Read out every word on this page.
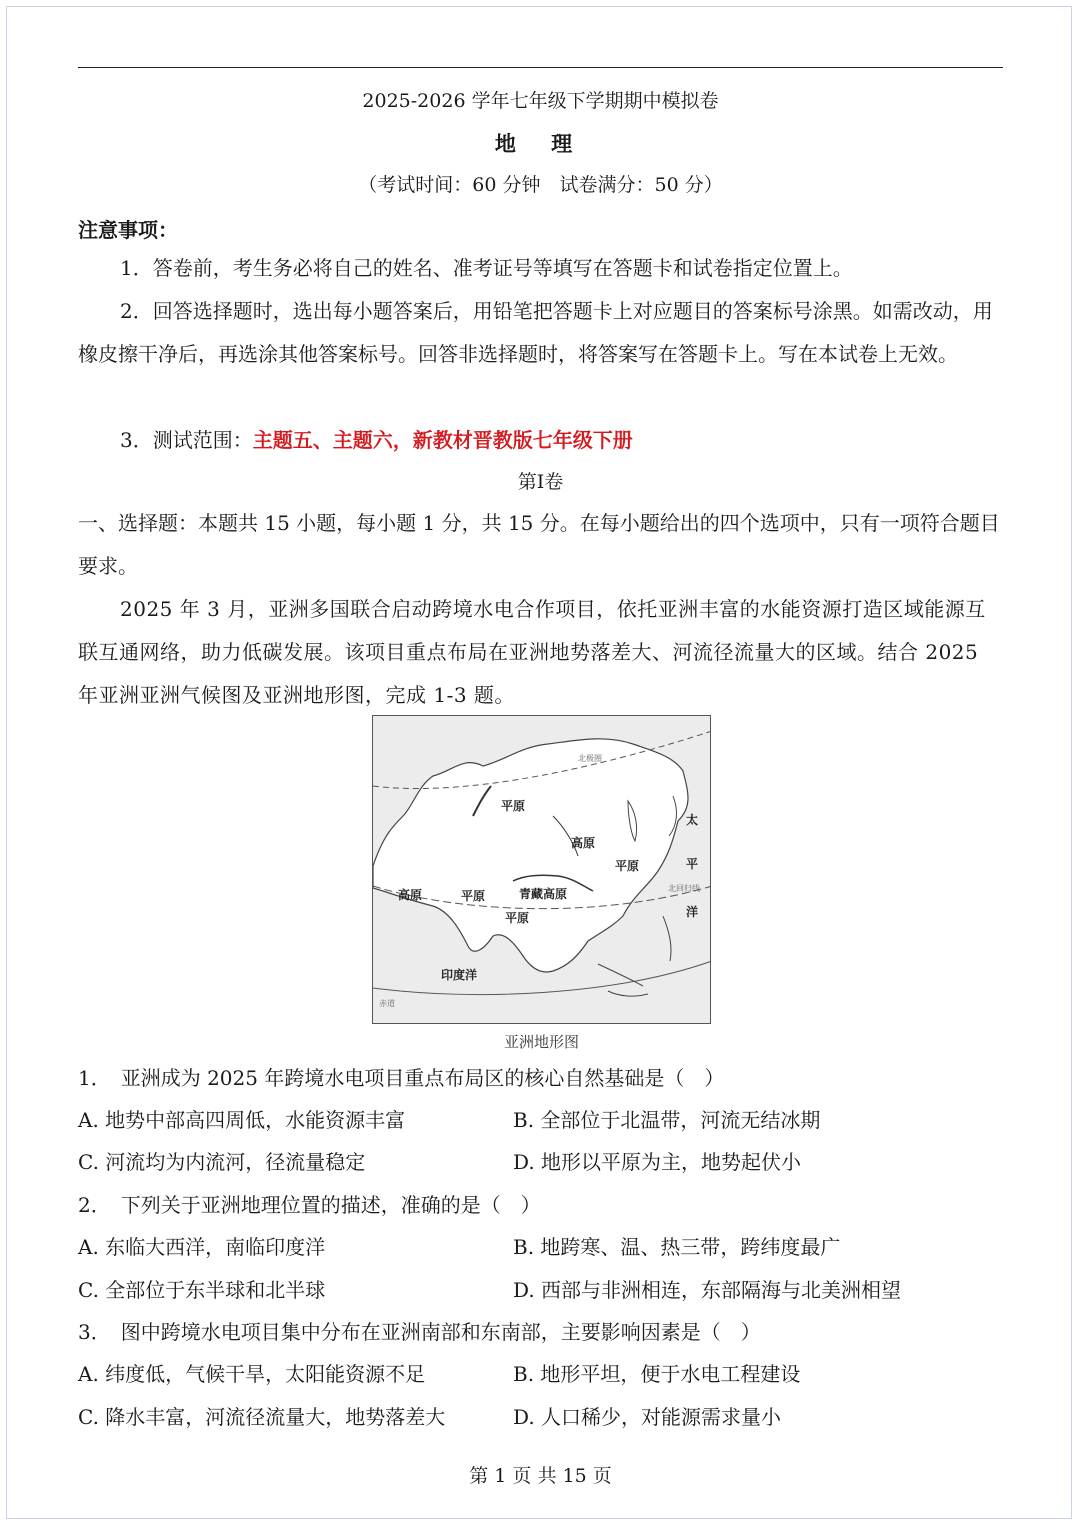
2025-2026 学年七年级下学期期中模拟卷
地 理
（考试时间：60 分钟　试卷满分：50 分）
注意事项：
1．答卷前，考生务必将自己的姓名、准考证号等填写在答题卡和试卷指定位置上。
2．回答选择题时，选出每小题答案后，用铅笔把答题卡上对应题目的答案标号涂黑。如需改动，用橡皮擦干净后，再选涂其他答案标号。回答非选择题时，将答案写在答题卡上。写在本试卷上无效。
3．测试范围：主题五、主题六，新教材晋教版七年级下册
第I卷
一、选择题：本题共 15 小题，每小题 1 分，共 15 分。在每小题给出的四个选项中，只有一项符合题目要求。
2025 年 3 月，亚洲多国联合启动跨境水电合作项目，依托亚洲丰富的水能资源打造区域能源互联互通网络，助力低碳发展。该项目重点布局在亚洲地势落差大、河流径流量大的区域。结合 2025 年亚洲亚洲气候图及亚洲地形图，完成 1-3 题。
平原
高原
平原
高原	平原	青藏高原
平原
印度洋
太 平 洋
北回归线
赤道
北极圈
亚洲地形图
1．　亚洲成为 2025 年跨境水电项目重点布局区的核心自然基础是（　）
A. 地势中部高四周低，水能资源丰富	B. 全部位于北温带，河流无结冰期
C. 河流均为内流河，径流量稳定	D. 地形以平原为主，地势起伏小
2．　下列关于亚洲地理位置的描述，准确的是（　）
A. 东临大西洋，南临印度洋	B. 地跨寒、温、热三带，跨纬度最广
C. 全部位于东半球和北半球	D. 西部与非洲相连，东部隔海与北美洲相望
3．　图中跨境水电项目集中分布在亚洲南部和东南部，主要影响因素是（　）
A. 纬度低，气候干旱，太阳能资源不足	B. 地形平坦，便于水电工程建设
C. 降水丰富，河流径流量大，地势落差大	D. 人口稀少，对能源需求量小
第 1 页 共 15 页
